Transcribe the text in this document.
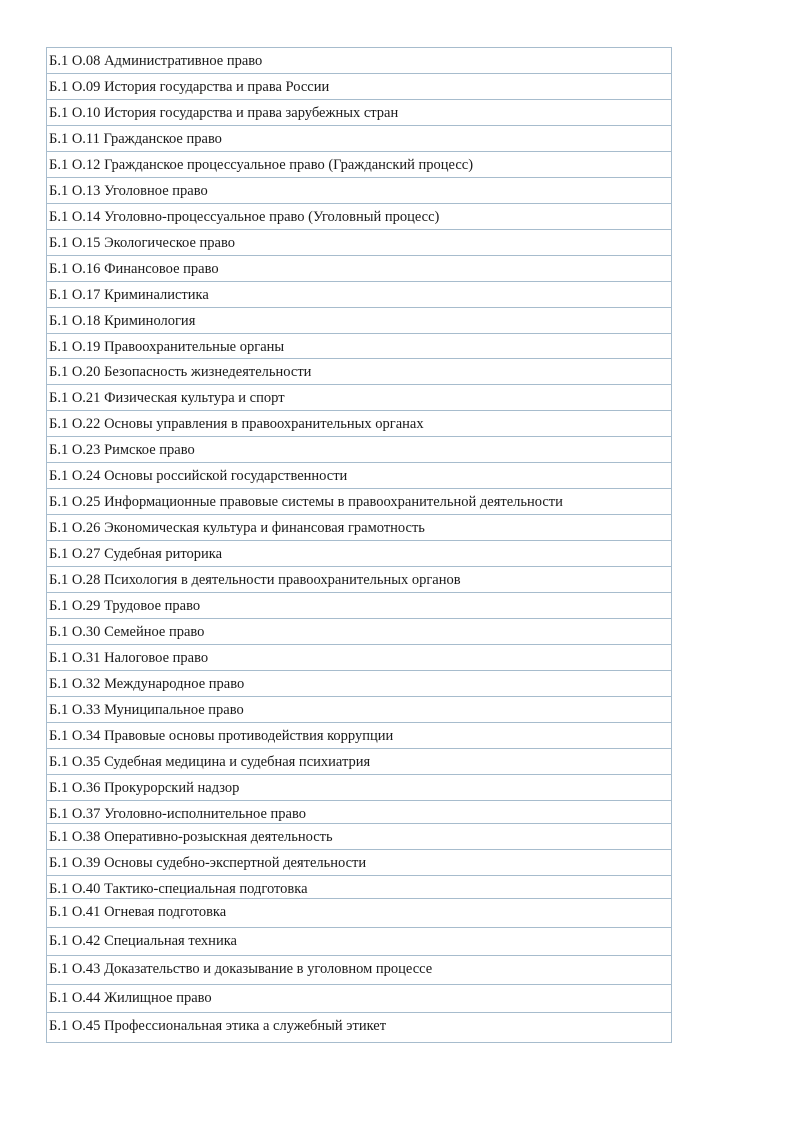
Б.1 О.08 Административное право
Б.1 О.09 История государства и права России
Б.1 О.10 История государства и права зарубежных стран
Б.1 О.11 Гражданское право
Б.1 О.12 Гражданское процессуальное право (Гражданский процесс)
Б.1 О.13 Уголовное право
Б.1 О.14 Уголовно-процессуальное право (Уголовный процесс)
Б.1 О.15 Экологическое право
Б.1 О.16 Финансовое право
Б.1 О.17 Криминалистика
Б.1 О.18 Криминология
Б.1 О.19 Правоохранительные органы
Б.1 О.20 Безопасность жизнедеятельности
Б.1 О.21 Физическая культура и спорт
Б.1 О.22 Основы управления в правоохранительных органах
Б.1 О.23 Римское право
Б.1 О.24 Основы российской государственности
Б.1 О.25 Информационные правовые системы в правоохранительной деятельности
Б.1 О.26 Экономическая культура и финансовая грамотность
Б.1 О.27 Судебная риторика
Б.1 О.28 Психология в деятельности правоохранительных органов
Б.1 О.29 Трудовое право
Б.1 О.30 Семейное право
Б.1 О.31 Налоговое право
Б.1 О.32 Международное право
Б.1 О.33 Муниципальное право
Б.1 О.34 Правовые основы противодействия коррупции
Б.1 О.35 Судебная медицина и судебная психиатрия
Б.1 О.36 Прокурорский надзор
Б.1 О.37 Уголовно-исполнительное право
Б.1 О.38 Оперативно-розыскная деятельность
Б.1 О.39 Основы судебно-экспертной деятельности
Б.1 О.40 Тактико-специальная подготовка
Б.1 О.41 Огневая подготовка
Б.1 О.42 Специальная техника
Б.1 О.43 Доказательство и доказывание в уголовном процессе
Б.1 О.44 Жилищное право
Б.1 О.45 Профессиональная этика а служебный этикет
